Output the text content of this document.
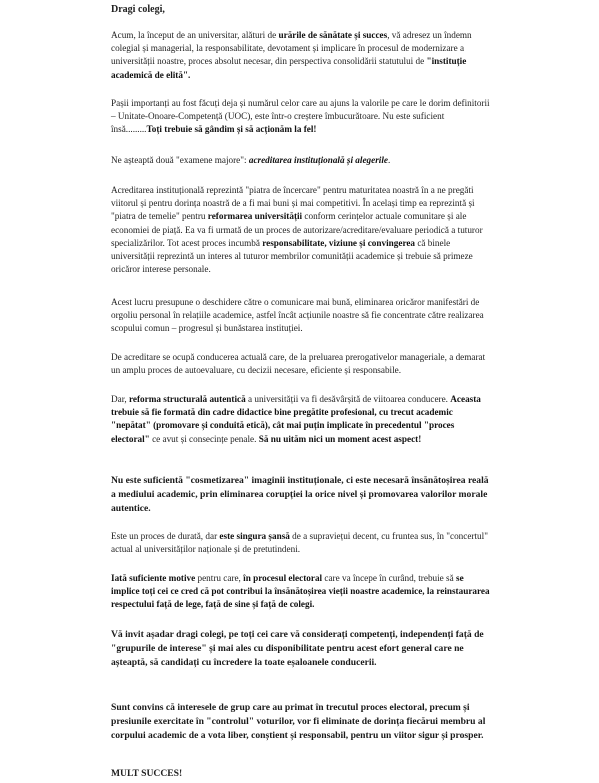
Dragi colegi,

Acum, la început de an universitar, alături de urările de sănătate și succes, vă adresez un îndemn colegial și managerial, la responsabilitate, devotament și implicare în procesul de modernizare a universității noastre, proces absolut necesar, din perspectiva consolidării statutului de "instituție academică de elită".

Pașii importanți au fost făcuți deja și numărul celor care au ajuns la valorile pe care le dorim definitorii – Unitate-Onoare-Competență (UOC), este într-o creștere îmbucurătoare. Nu este suficient însă.........Toți trebuie să gândim și să acționăm la fel!

Ne așteaptă două "examene majore": acreditarea instituțională și alegerile.

Acreditarea instituțională reprezintă "piatra de încercare" pentru maturitatea noastră în a ne pregăti viitorul și pentru dorința noastră de a fi mai buni și mai competitivi. În același timp ea reprezintă și "piatra de temelie" pentru reformarea universității conform cerințelor actuale comunitare și ale economiei de piață. Ea va fi urmată de un proces de autorizare/acreditare/evaluare periodică a tuturor specializărilor. Tot acest proces incumbă responsabilitate, viziune și convingerea că binele universității reprezintă un interes al tuturor membrilor comunității academice și trebuie să primeze oricăror interese personale.

Acest lucru presupune o deschidere către o comunicare mai bună, eliminarea oricăror manifestări de orgoliu personal în relațiile academice, astfel încât acțiunile noastre să fie concentrate către realizarea scopului comun – progresul și bunăstarea instituției.

De acreditare se ocupă conducerea actuală care, de la preluarea prerogativelor manageriale, a demarat un amplu proces de autoevaluare, cu deciziі necesare, eficiente și responsabile.

Dar, reforma structurală autentică a universității va fi desăvârșită de viitoarea conducere. Aceasta trebuie să fie formată din cadre didactice bine pregătite profesional, cu trecut academic "nepătat" (promovare și conduită etică), cât mai puțin implicate în precedentul "proces electoral" ce avut și consecințe penale. Să nu uităm nici un moment acest aspect!

Nu este suficientă "cosmetizarea" imaginii instituționale, ci este necesară însănătoșirea reală a mediului academic, prin eliminarea corupției la orice nivel și promovarea valorilor morale autentice.

Este un proces de durată, dar este singura șansă de a supraviețui decent, cu fruntea sus, în "concertul" actual al universităților naționale și de pretutindeni.

Iată suficiente motive pentru care, în procesul electoral care va începe în curând, trebuie să se implice toți cei ce cred că pot contribui la însănătoșirea vieții noastre academice, la reinstaurarea respectului față de lege, față de sine și față de colegi.

Vă invit așadar dragi colegi, pe toți cei care vă considerați competenți, independenți față de "grupurile de interese" și mai ales cu disponibilitate pentru acest efort general care ne așteaptă, să candidați cu încredere la toate eșaloanele conducerii.

Sunt convins că interesele de grup care au primat în trecutul proces electoral, precum și presiunile exercitate în "controlul" voturilor, vor fi eliminate de dorința fiecărui membru al corpului academic de a vota liber, conștient și responsabil, pentru un viitor sigur și prosper.

MULT SUCCES!
